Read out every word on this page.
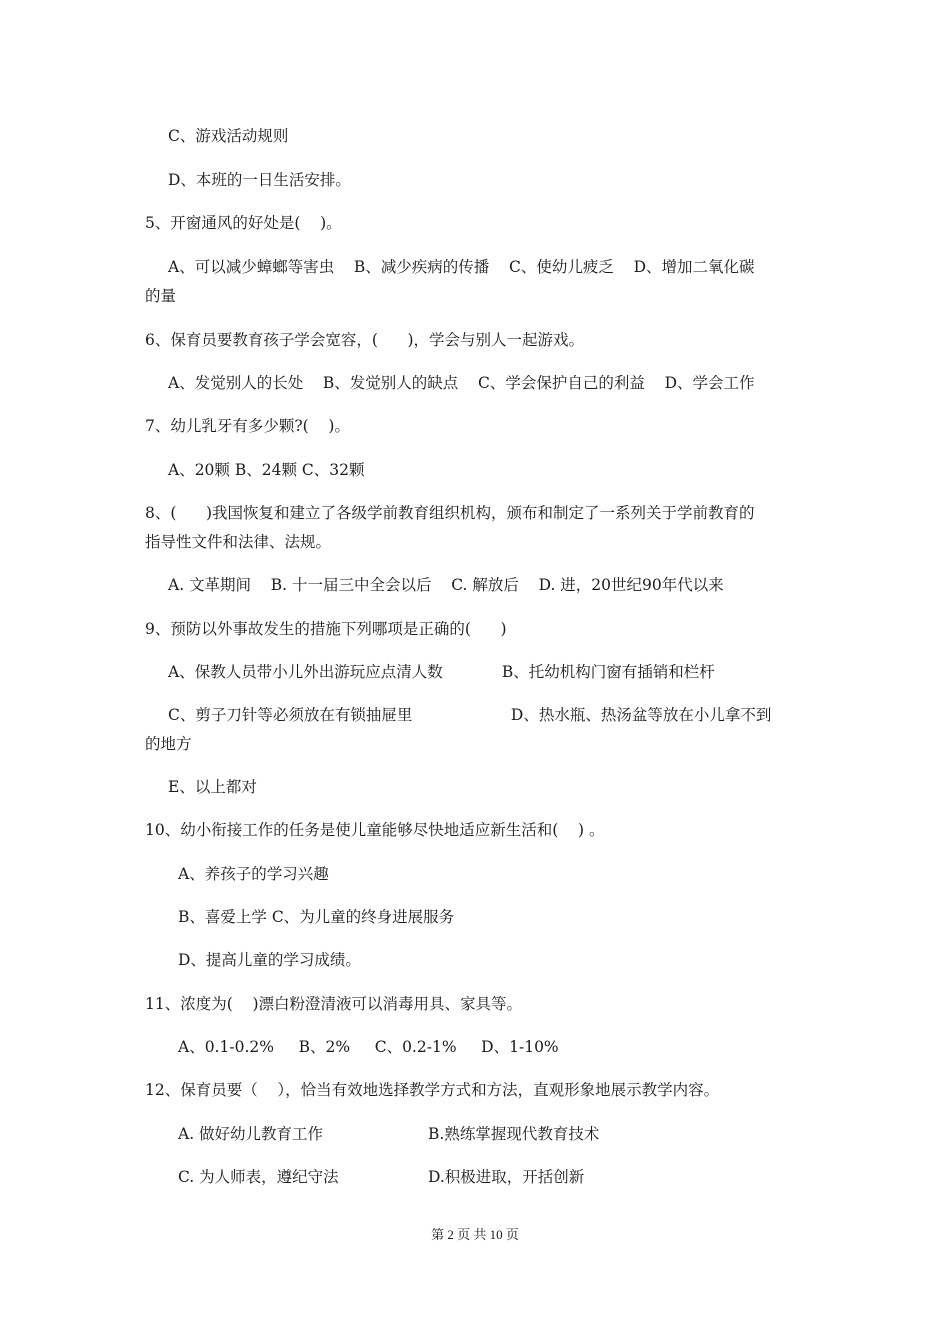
C、游戏活动规则
D、本班的一日生活安排。
5、开窗通风的好处是(    )。
A、可以减少蟑螂等害虫    B、减少疾病的传播    C、使幼儿疲乏    D、增加二氧化碳
的量
6、保育员要教育孩子学会宽容，(      )，学会与别人一起游戏。
A、发觉别人的长处    B、发觉别人的缺点    C、学会保护自己的利益    D、学会工作
7、幼儿乳牙有多少颗?(    )。
A、20颗 B、24颗 C、32颗
8、(      )我国恢复和建立了各级学前教育组织机构，颁布和制定了一系列关于学前教育的
指导性文件和法律、法规。
A. 文革期间    B. 十一届三中全会以后    C. 解放后    D. 进，20世纪90年代以来
9、预防以外事故发生的措施下列哪项是正确的(      )
A、保教人员带小儿外出游玩应点清人数            B、托幼机构门窗有插销和栏杆
C、剪子刀针等必须放在有锁抽屉里                    D、热水瓶、热汤盆等放在小儿拿不到
的地方
E、以上都对
10、幼小衔接工作的任务是使儿童能够尽快地适应新生活和(    ) 。
A、养孩子的学习兴趣
B、喜爱上学 C、为儿童的终身进展服务
D、提高儿童的学习成绩。
11、浓度为(    )漂白粉澄清液可以消毒用具、家具等。
A、0.1-0.2%     B、2%     C、0.2-1%     D、1-10%
12、保育员要（    ），恰当有效地选择教学方式和方法，直观形象地展示教学内容。
A. 做好幼儿教育工作	B.熟练掌握现代教育技术
C. 为人师表，遵纪守法	D.积极进取，开括创新
第 2 页 共 10 页
